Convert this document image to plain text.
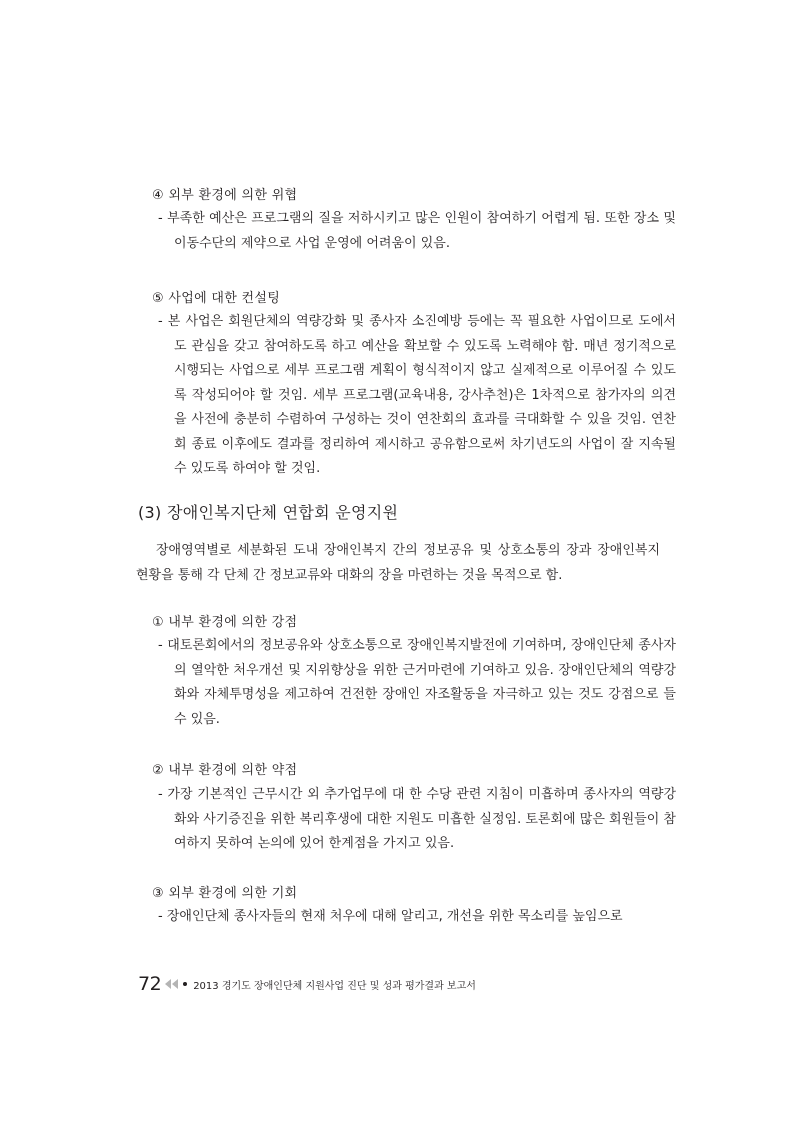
④ 외부 환경에 의한 위협
- 부족한 예산은 프로그램의 질을 저하시키고 많은 인원이 참여하기 어렵게 됨. 또한 장소 및 이동수단의 제약으로 사업 운영에 어려움이 있음.
⑤ 사업에 대한 컨설팅
- 본 사업은 회원단체의 역량강화 및 종사자 소진예방 등에는 꼭 필요한 사업이므로 도에서도 관심을 갖고 참여하도록 하고 예산을 확보할 수 있도록 노력해야 함. 매년 정기적으로 시행되는 사업으로 세부 프로그램 계획이 형식적이지 않고 실제적으로 이루어질 수 있도록 작성되어야 할 것임. 세부 프로그램(교육내용, 강사추천)은 1차적으로 참가자의 의견을 사전에 충분히 수렴하여 구성하는 것이 연찬회의 효과를 극대화할 수 있을 것임. 연찬회 종료 이후에도 결과를 정리하여 제시하고 공유함으로써 차기년도의 사업이 잘 지속될 수 있도록 하여야 할 것임.
(3) 장애인복지단체 연합회 운영지원
장애영역별로 세분화된 도내 장애인복지 간의 정보공유 및 상호소통의 장과 장애인복지 현황을 통해 각 단체 간 정보교류와 대화의 장을 마련하는 것을 목적으로 함.
① 내부 환경에 의한 강점
- 대토론회에서의 정보공유와 상호소통으로 장애인복지발전에 기여하며, 장애인단체 종사자의 열악한 처우개선 및 지위향상을 위한 근거마련에 기여하고 있음. 장애인단체의 역량강화와 자체투명성을 제고하여 건전한 장애인 자조활동을 자극하고 있는 것도 강점으로 들 수 있음.
② 내부 환경에 의한 약점
- 가장 기본적인 근무시간 외 추가업무에 대 한 수당 관련 지침이 미흡하며 종사자의 역량강화와 사기증진을 위한 복리후생에 대한 지원도 미흡한 실정임. 토론회에 많은 회원들이 참여하지 못하여 논의에 있어 한계점을 가지고 있음.
③ 외부 환경에 의한 기회
- 장애인단체 종사자들의 현재 처우에 대해 알리고, 개선을 위한 목소리를 높임으로
72	2013 경기도 장애인단체 지원사업 진단 및 성과 평가결과 보고서
